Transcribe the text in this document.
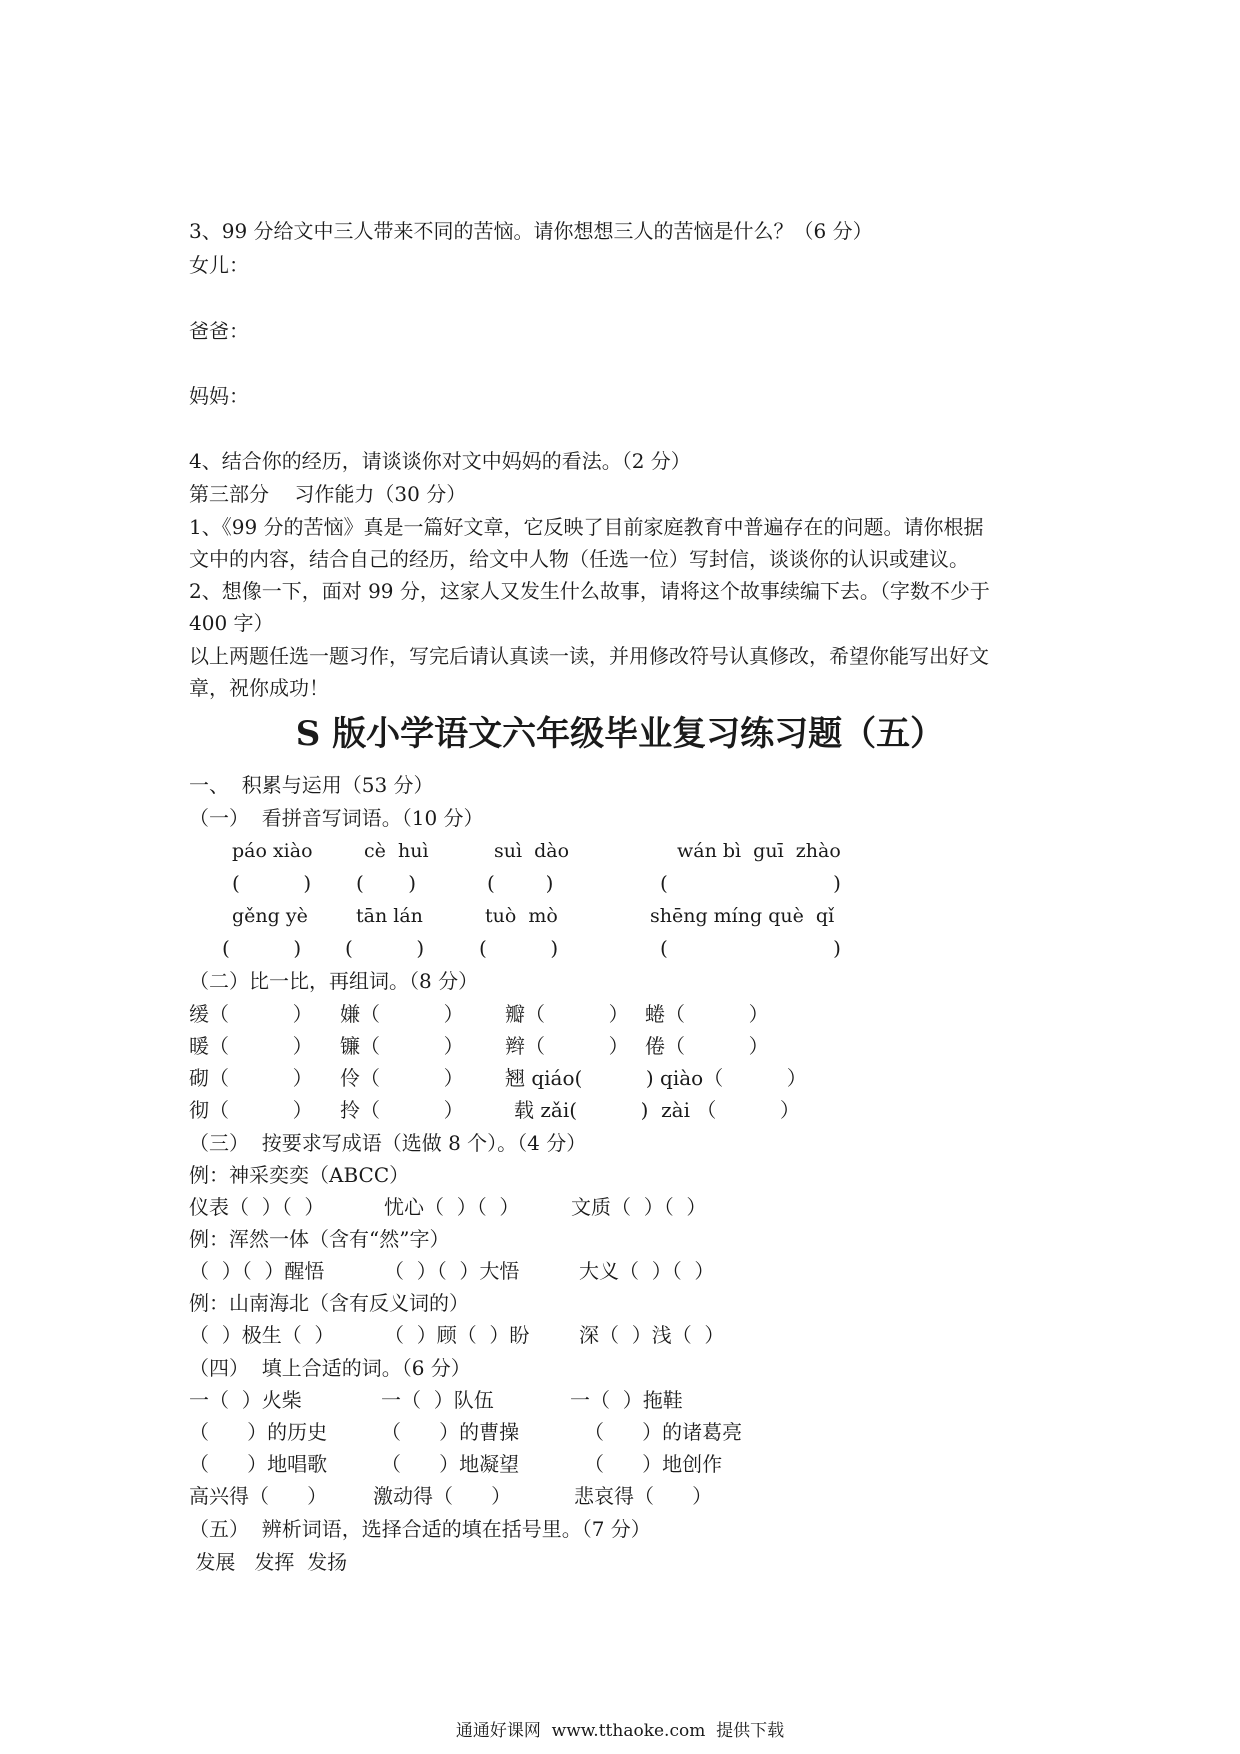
3、99 分给文中三人带来不同的苦恼。请你想想三人的苦恼是什么？（6 分）
女儿：
爸爸：
妈妈：
4、结合你的经历，请谈谈你对文中妈妈的看法。（2 分）
第三部分    习作能力（30 分）
1、《99 分的苦恼》真是一篇好文章，它反映了目前家庭教育中普遍存在的问题。请你根据
文中的内容，结合自己的经历，给文中人物（任选一位）写封信，谈谈你的认识或建议。
2、想像一下，面对 99 分，这家人又发生什么故事，请将这个故事续编下去。（字数不少于
400 字）
以上两题任选一题习作，写完后请认真读一读，并用修改符号认真修改，希望你能写出好文
章，祝你成功！
S 版小学语文六年级毕业复习练习题（五）
一、  积累与运用（53 分）
（一）  看拼音写词语。（10 分）
páo xiào	cè  huì	suì  dào	wán bì  guī  zhào
(          ) (       )	(        )	(                          )
gěng yè	tān lán	tuò  mò	shēng míng què  qǐ
(          ) (          )	(          )	(                          )
（二）比一比，再组词。（8 分）
缓（          ） 嫌（          ） 瓣（          ） 蜷（          ）
暖（          ） 镰（          ） 辫（          ） 倦（          ）
砌（          ） 伶（          ） 翘 qiáo(          ) qiào（          ）
彻（          ） 拎（          ）	载 zǎi(          )  zài （          ）
（三）  按要求写成语（选做 8 个）。（4 分）
例：神采奕奕（ABCC）
仪表（  ）（  ）	忧心（  ）（  ）	文质（  ）（  ）
例：浑然一体（含有“然”字）
（  ）（  ）醒悟	（  ）（  ）大悟	大义（  ）（  ）
例：山南海北（含有反义词的）
（  ）极生（  ） （  ）顾（  ）盼 深（  ）浅（  ）
（四）  填上合适的词。（6 分）
一（  ）火柴	一（  ）队伍	一（  ）拖鞋
（      ）的历史	（      ）的曹操	（      ）的诸葛亮
（      ）地唱歌	（      ）地凝望	（      ）地创作
高兴得（      ） 激动得（      ）	悲哀得（      ）
（五）  辨析词语，选择合适的填在括号里。（7 分）
发展   发挥  发扬
通通好课网  www.tthaoke.com  提供下载
